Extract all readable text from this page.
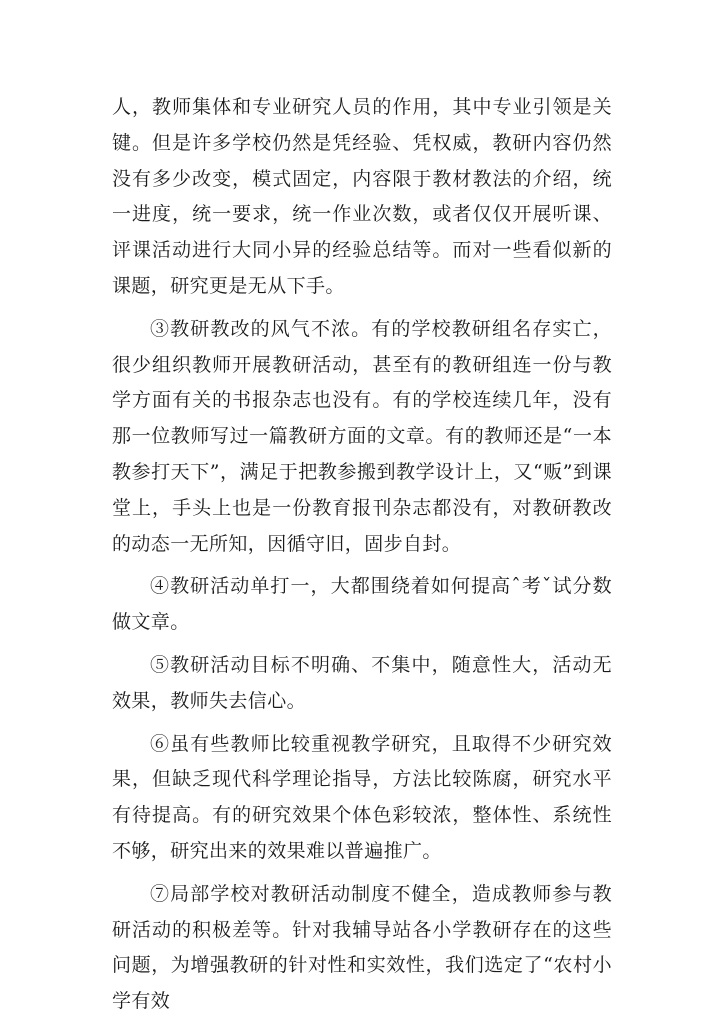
人，教师集体和专业研究人员的作用，其中专业引领是关键。但是许多学校仍然是凭经验、凭权威，教研内容仍然没有多少改变，模式固定，内容限于教材教法的介绍，统一进度，统一要求，统一作业次数，或者仅仅开展听课、评课活动进行大同小异的经验总结等。而对一些看似新的课题，研究更是无从下手。

③教研教改的风气不浓。有的学校教研组名存实亡，很少组织教师开展教研活动，甚至有的教研组连一份与教学方面有关的书报杂志也没有。有的学校连续几年，没有那一位教师写过一篇教研方面的文章。有的教师还是“一本教参打天下”，满足于把教参搬到教学设计上，又“贩”到课堂上，手头上也是一份教育报刊杂志都没有，对教研教改的动态一无所知，因循守旧，固步自封。

④教研活动单打一，大都围绕着如何提高ˆ考ˇ试分数做文章。

⑤教研活动目标不明确、不集中，随意性大，活动无效果，教师失去信心。

⑥虽有些教师比较重视教学研究，且取得不少研究效果，但缺乏现代科学理论指导，方法比较陈腐，研究水平有待提高。有的研究效果个体色彩较浓，整体性、系统性不够，研究出来的效果难以普遍推广。

⑦局部学校对教研活动制度不健全，造成教师参与教研活动的积极差等。针对我辅导站各小学教研存在的这些问题，为增强教研的针对性和实效性，我们选定了“农村小学有效
